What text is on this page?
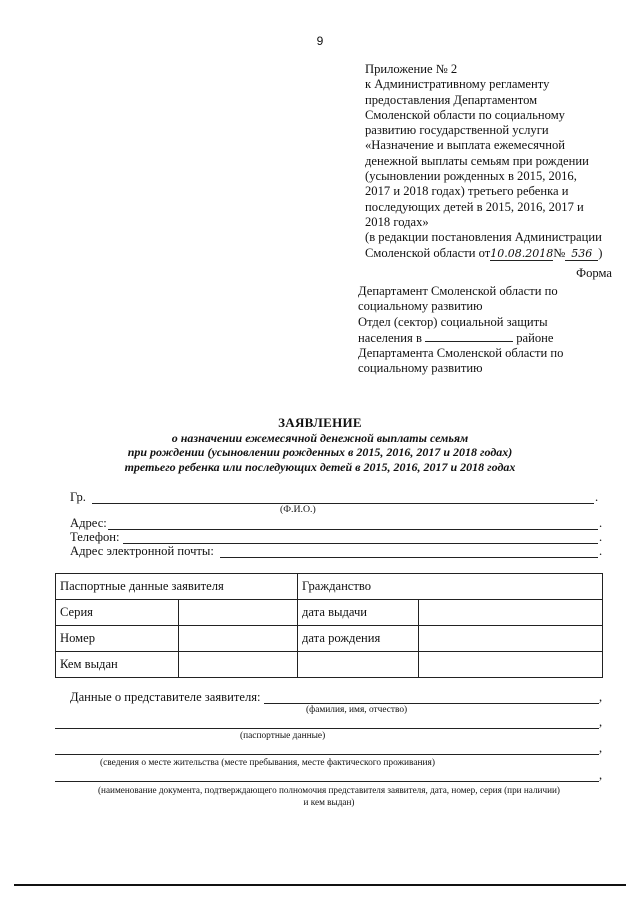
9
Приложение № 2
к Административному регламенту
предоставления Департаментом
Смоленской области по социальному
развитию государственной услуги
«Назначение и выплата ежемесячной
денежной выплаты семьям при рождении
(усыновлении рожденных в 2015, 2016,
2017 и 2018 годах) третьего ребенка и
последующих детей в 2015, 2016, 2017 и
2018 годах»
(в редакции постановления Администрации
Смоленской области от10.08.2018№ 536 )
Форма
Департамент Смоленской области по
социальному развитию
Отдел (сектор) социальной защиты
населения в	районе
Департамента Смоленской области по
социальному развитию
ЗАЯВЛЕНИЕ
о назначении ежемесячной денежной выплаты семьям
при рождении (усыновлении рожденных в 2015, 2016, 2017 и 2018 годах)
третьего ребенка или последующих детей в 2015, 2016, 2017 и 2018 годах
Гр.	.
(Ф.И.О.)
Адрес:	.
Телефон:	.
Адрес электронной почты:	.
Паспортные данные заявителя		Гражданство	
Серия		дата выдачи	
Номер		дата рождения	
Кем выдан			
Данные о представителе заявителя:	,
(фамилия, имя, отчество)
,
(паспортные данные)
,
(сведения о месте жительства (месте пребывания, месте фактического проживания)
,
(наименование документа, подтверждающего полномочия представителя заявителя, дата, номер, серия (при наличии)
и кем выдан)
